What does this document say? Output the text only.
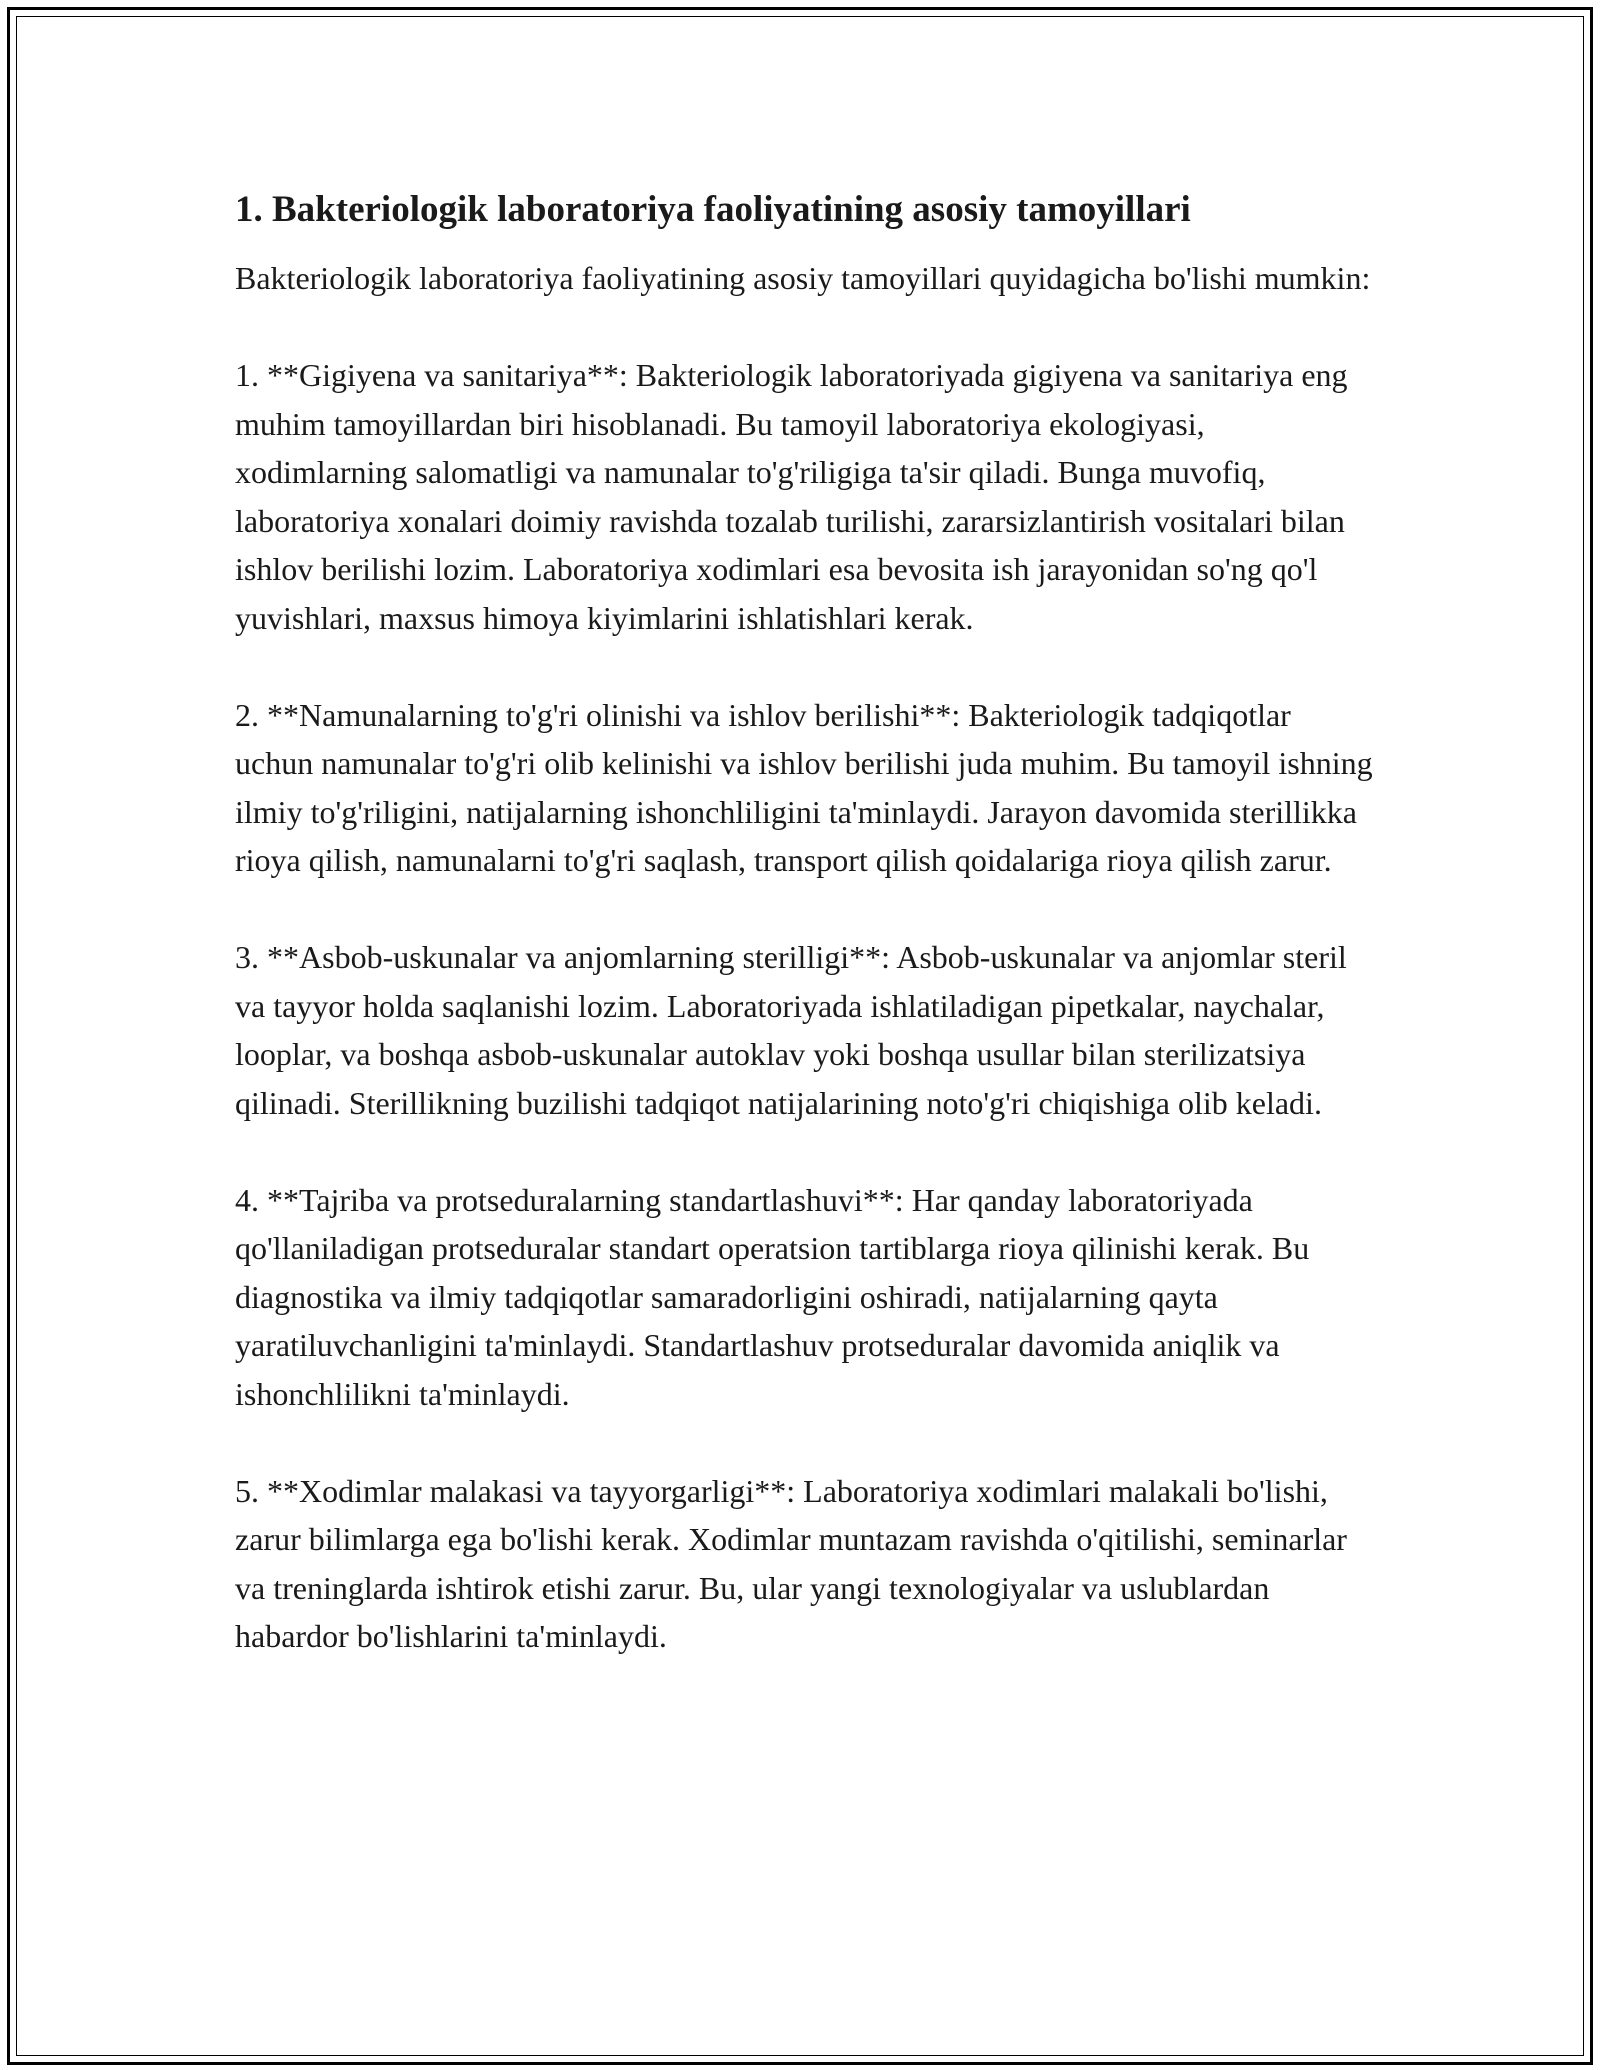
1. Bakteriologik laboratoriya faoliyatining asosiy tamoyillari

Bakteriologik laboratoriya faoliyatining asosiy tamoyillari quyidagicha bo'lishi mumkin:

1. **Gigiyena va sanitariya**: Bakteriologik laboratoriyada gigiyena va sanitariya eng muhim tamoyillardan biri hisoblanadi. Bu tamoyil laboratoriya ekologiyasi, xodimlarning salomatligi va namunalar to'g'riligiga ta'sir qiladi. Bunga muvofiq, laboratoriya xonalari doimiy ravishda tozalab turilishi, zararsizlantirish vositalari bilan ishlov berilishi lozim. Laboratoriya xodimlari esa bevosita ish jarayonidan so'ng qo'l yuvishlari, maxsus himoya kiyimlarini ishlatishlari kerak.

2. **Namunalarning to'g'ri olinishi va ishlov berilishi**: Bakteriologik tadqiqotlar uchun namunalar to'g'ri olib kelinishi va ishlov berilishi juda muhim. Bu tamoyil ishning ilmiy to'g'riligini, natijalarning ishonchliligini ta'minlaydi. Jarayon davomida sterillikka rioya qilish, namunalarni to'g'ri saqlash, transport qilish qoidalariga rioya qilish zarur.

3. **Asbob-uskunalar va anjomlarning sterilligi**: Asbob-uskunalar va anjomlar steril va tayyor holda saqlanishi lozim. Laboratoriyada ishlatiladigan pipetkalar, naychalar, looplar, va boshqa asbob-uskunalar autoklav yoki boshqa usullar bilan sterilizatsiya qilinadi. Sterillikning buzilishi tadqiqot natijalarining noto'g'ri chiqishiga olib keladi.

4. **Tajriba va protseduralarning standartlashuvi**: Har qanday laboratoriyada qo'llaniladigan protseduralar standart operatsion tartiblarga rioya qilinishi kerak. Bu diagnostika va ilmiy tadqiqotlar samaradorligini oshiradi, natijalarning qayta yaratiluvchanligini ta'minlaydi. Standartlashuv protseduralar davomida aniqlik va ishonchlilikni ta'minlaydi.

5. **Xodimlar malakasi va tayyorgarligi**: Laboratoriya xodimlari malakali bo'lishi, zarur bilimlarga ega bo'lishi kerak. Xodimlar muntazam ravishda o'qitilishi, seminarlar va treninglarda ishtirok etishi zarur. Bu, ular yangi texnologiyalar va uslublardan habardor bo'lishlarini ta'minlaydi.
